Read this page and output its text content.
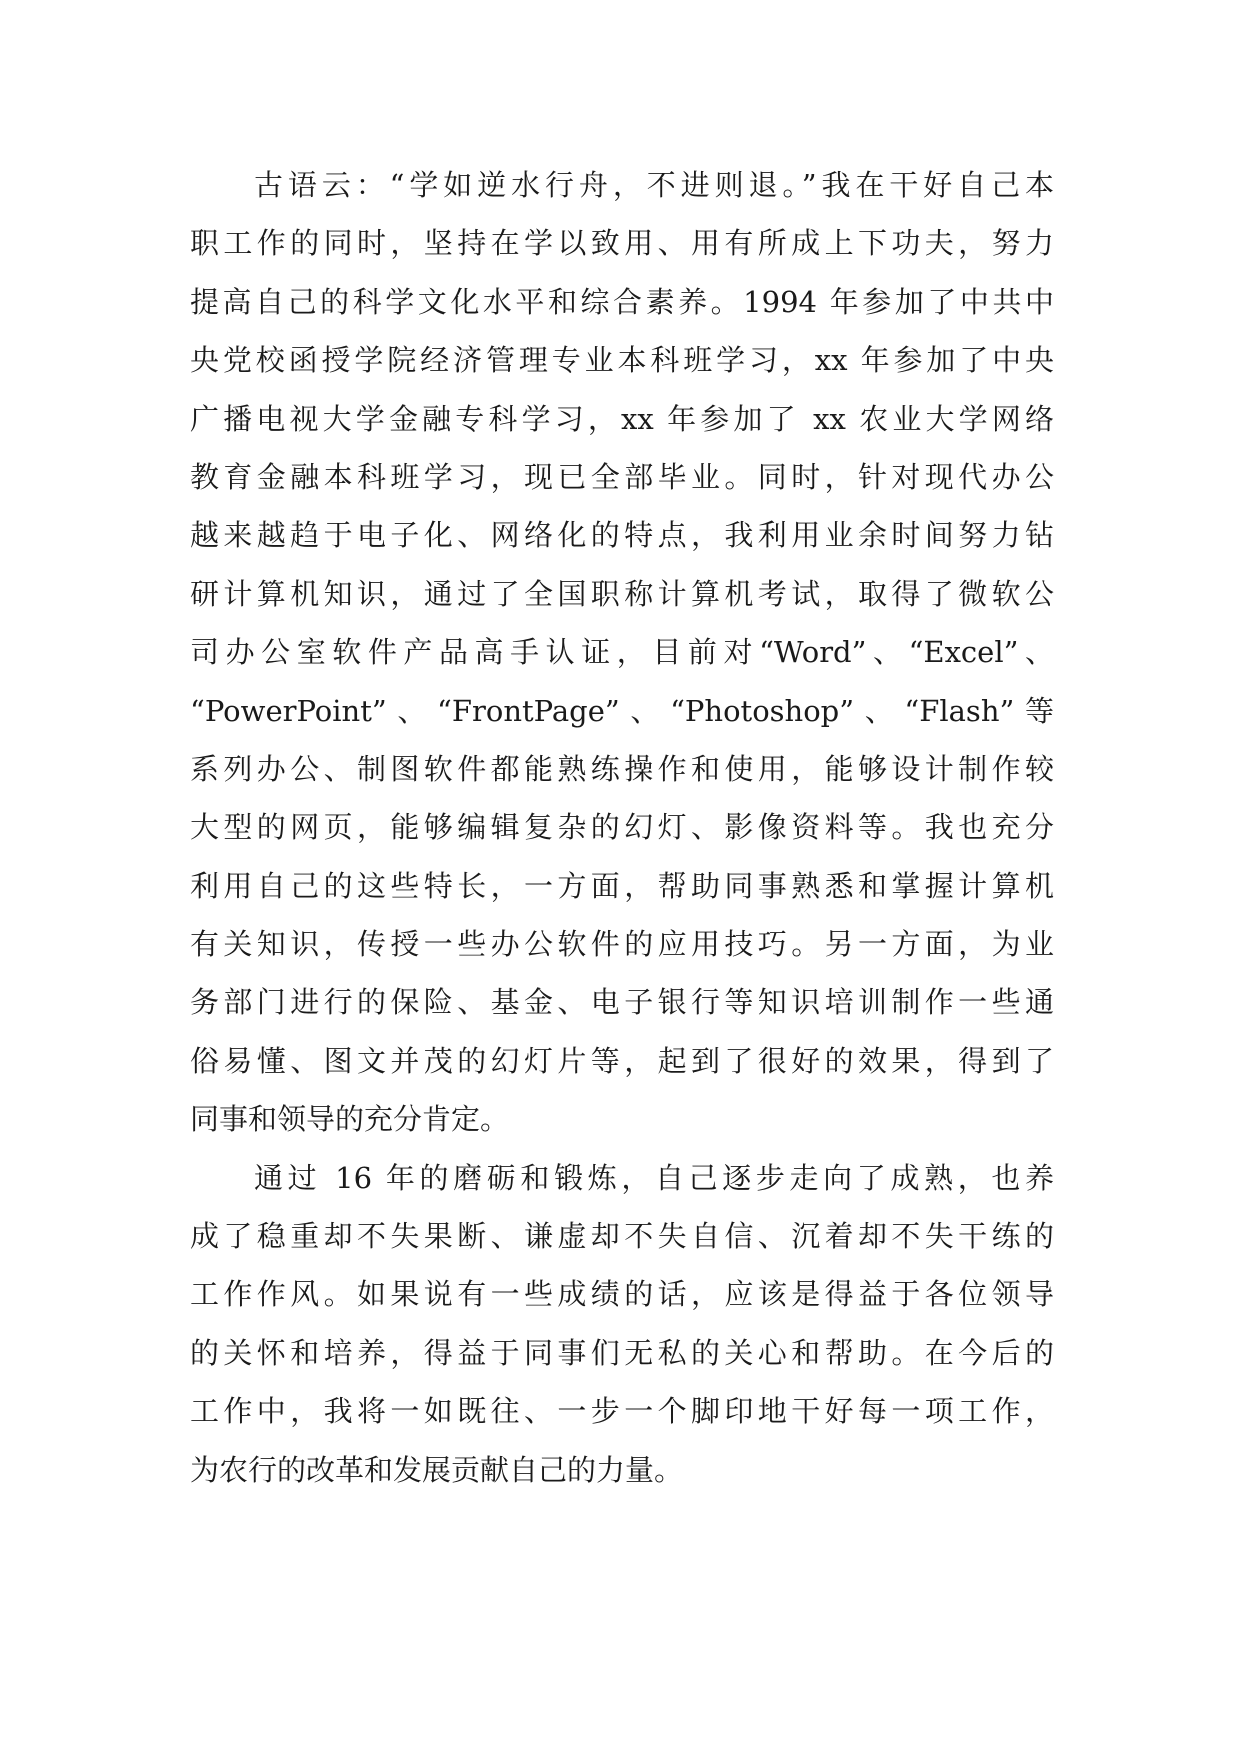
古语云：“学如逆水行舟，不进则退。”我在干好自己本
职工作的同时，坚持在学以致用、用有所成上下功夫，努力
提高自己的科学文化水平和综合素养。1994 年参加了中共中
央党校函授学院经济管理专业本科班学习，xx 年参加了中央
广播电视大学金融专科学习，xx 年参加了 xx 农业大学网络
教育金融本科班学习，现已全部毕业。同时，针对现代办公
越来越趋于电子化、网络化的特点，我利用业余时间努力钻
研计算机知识，通过了全国职称计算机考试，取得了微软公
司办公室软件产品高手认证，目前对“Word”、“Excel”、
“PowerPoint”、“FrontPage”、“Photoshop”、“Flash”等
系列办公、制图软件都能熟练操作和使用，能够设计制作较
大型的网页，能够编辑复杂的幻灯、影像资料等。我也充分
利用自己的这些特长，一方面，帮助同事熟悉和掌握计算机
有关知识，传授一些办公软件的应用技巧。另一方面，为业
务部门进行的保险、基金、电子银行等知识培训制作一些通
俗易懂、图文并茂的幻灯片等，起到了很好的效果，得到了
同事和领导的充分肯定。
通过 16 年的磨砺和锻炼，自己逐步走向了成熟，也养
成了稳重却不失果断、谦虚却不失自信、沉着却不失干练的
工作作风。如果说有一些成绩的话，应该是得益于各位领导
的关怀和培养，得益于同事们无私的关心和帮助。在今后的
工作中，我将一如既往、一步一个脚印地干好每一项工作，
为农行的改革和发展贡献自己的力量。
